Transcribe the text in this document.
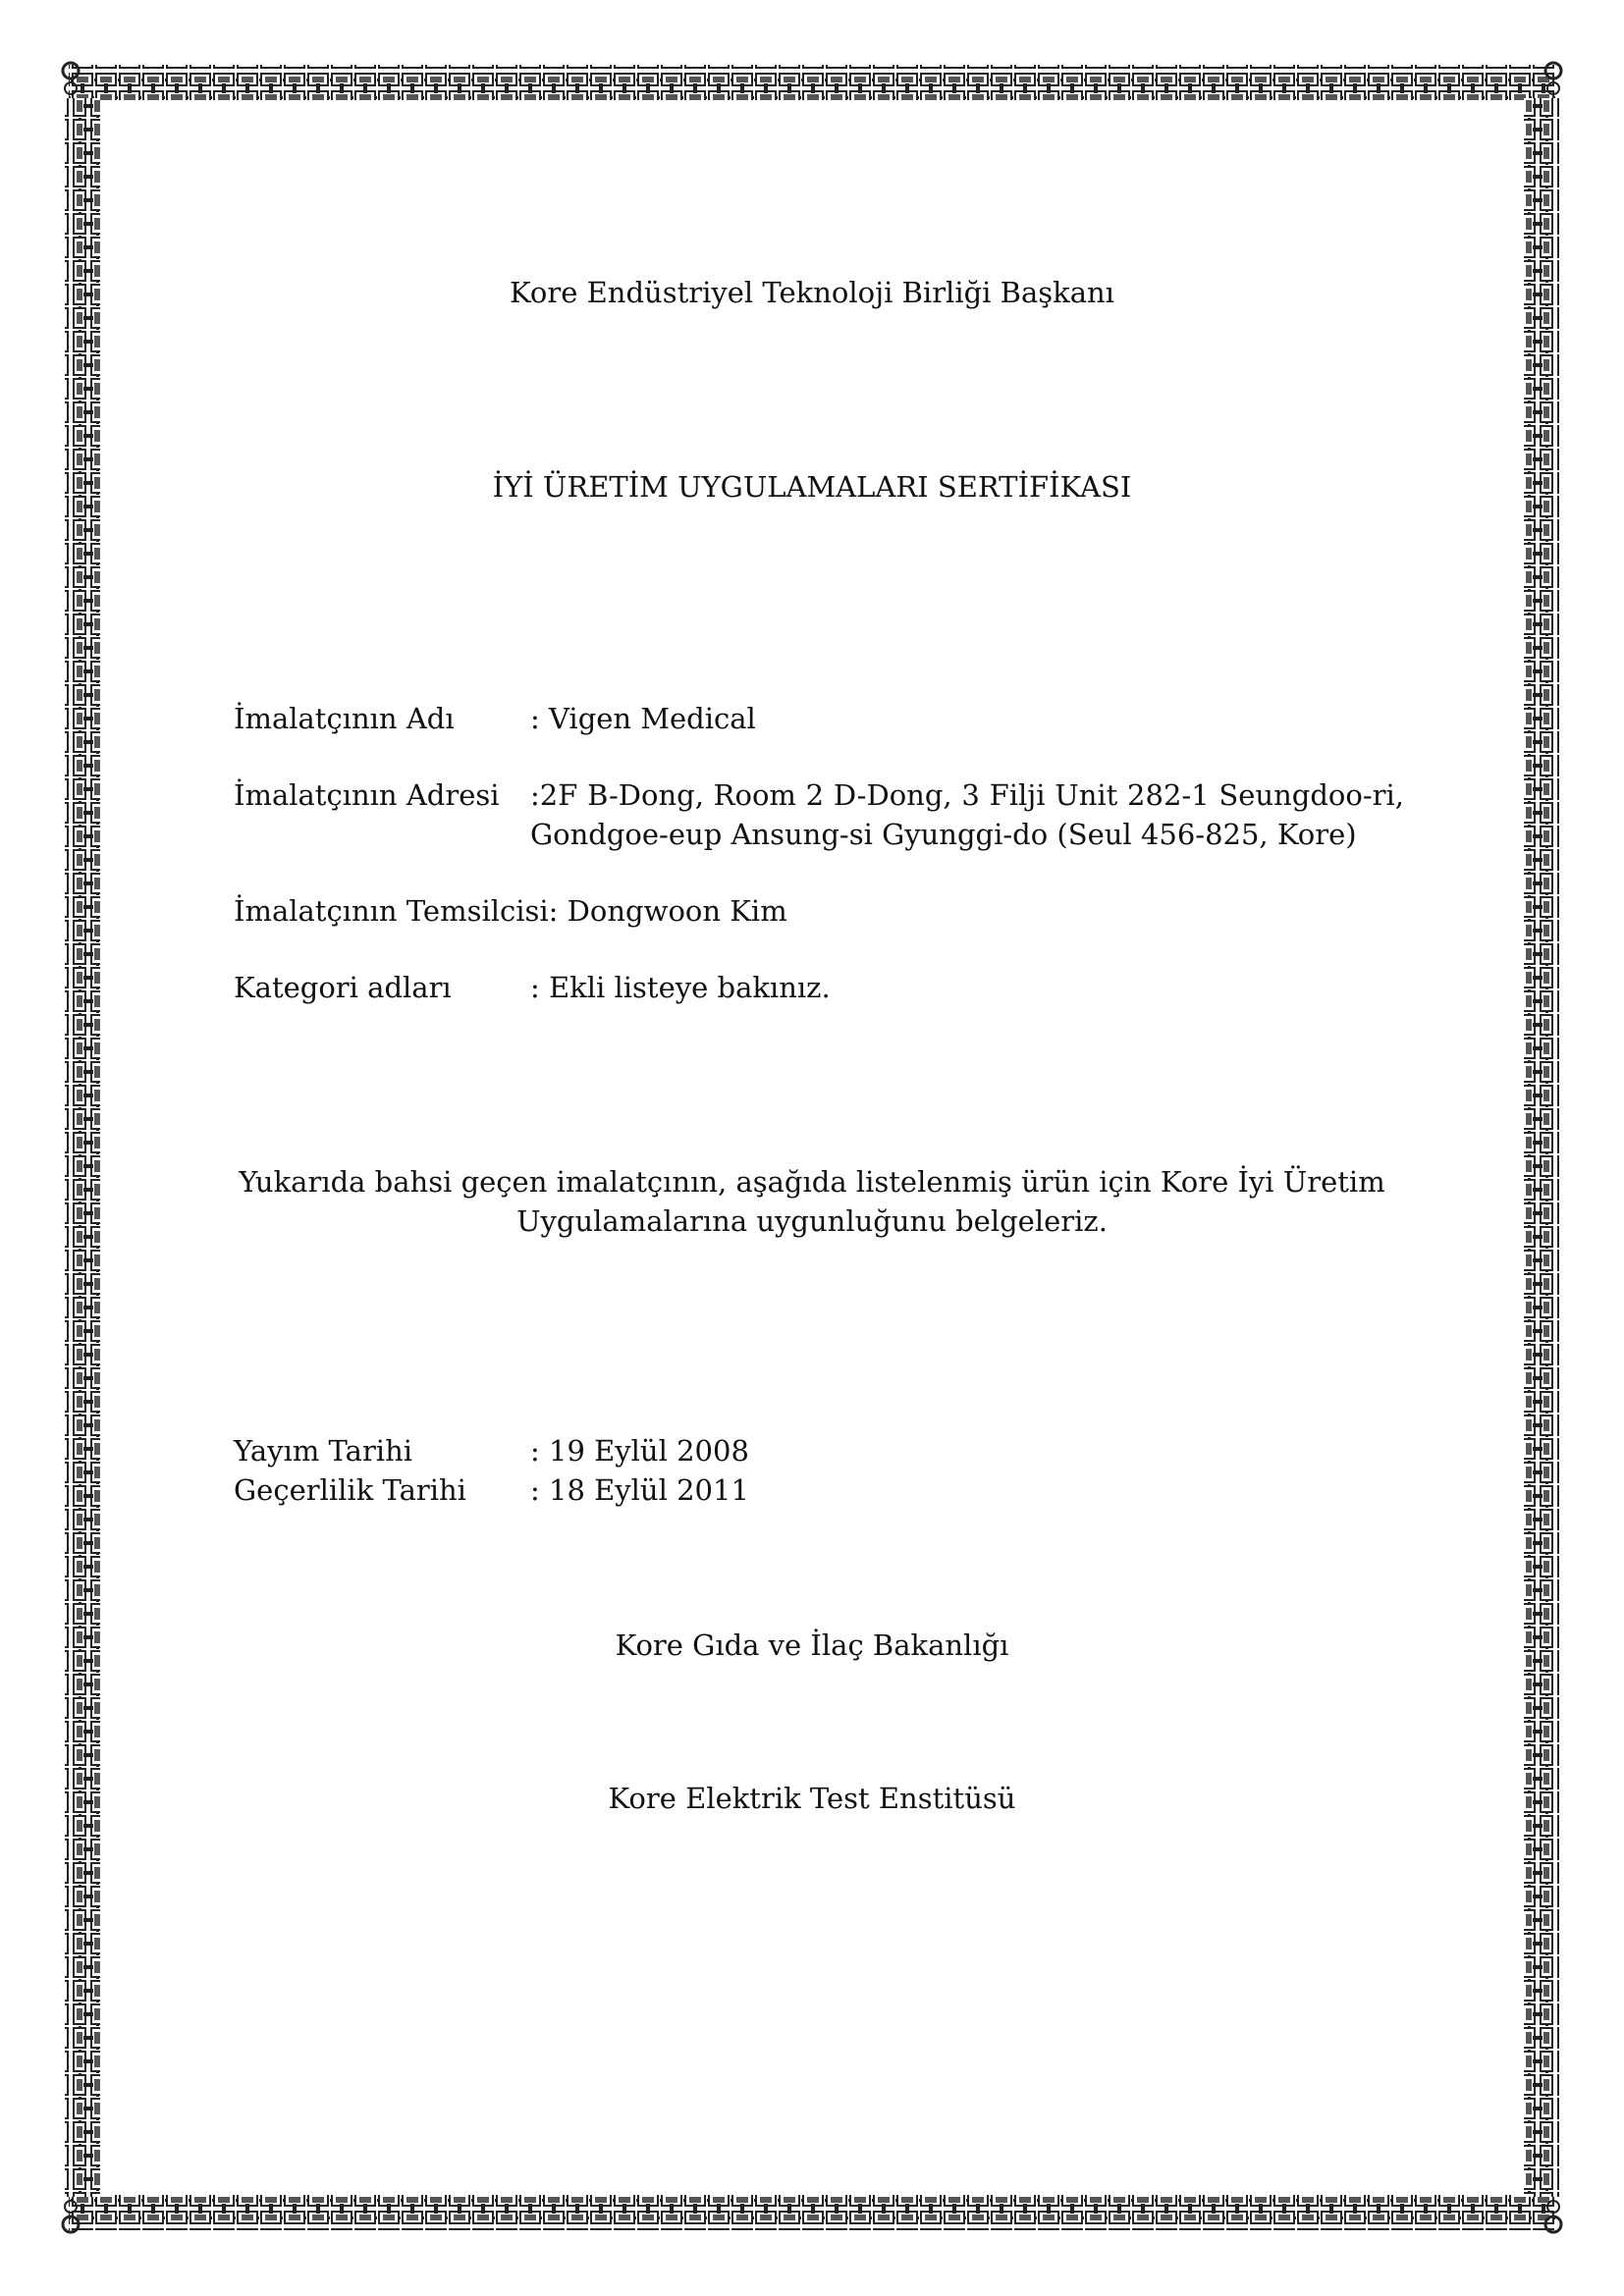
Kore Endüstriyel Teknoloji Birliği Başkanı
İYİ ÜRETİM UYGULAMALARI SERTİFİKASI
İmalatçının Adı	: Vigen Medical
İmalatçının Adresi :2F B-Dong, Room 2 D-Dong, 3 Filji Unit 282-1 Seungdoo-ri,
Gondgoe-eup Ansung-si Gyunggi-do (Seul 456-825, Kore)
İmalatçının Temsilcisi: Dongwoon Kim
Kategori adları	: Ekli listeye bakınız.
Yukarıda bahsi geçen imalatçının, aşağıda listelenmiş ürün için Kore İyi Üretim
Uygulamalarına uygunluğunu belgeleriz.
Yayım Tarihi	: 19 Eylül 2008
Geçerlilik Tarihi : 18 Eylül 2011
Kore Gıda ve İlaç Bakanlığı
Kore Elektrik Test Enstitüsü
